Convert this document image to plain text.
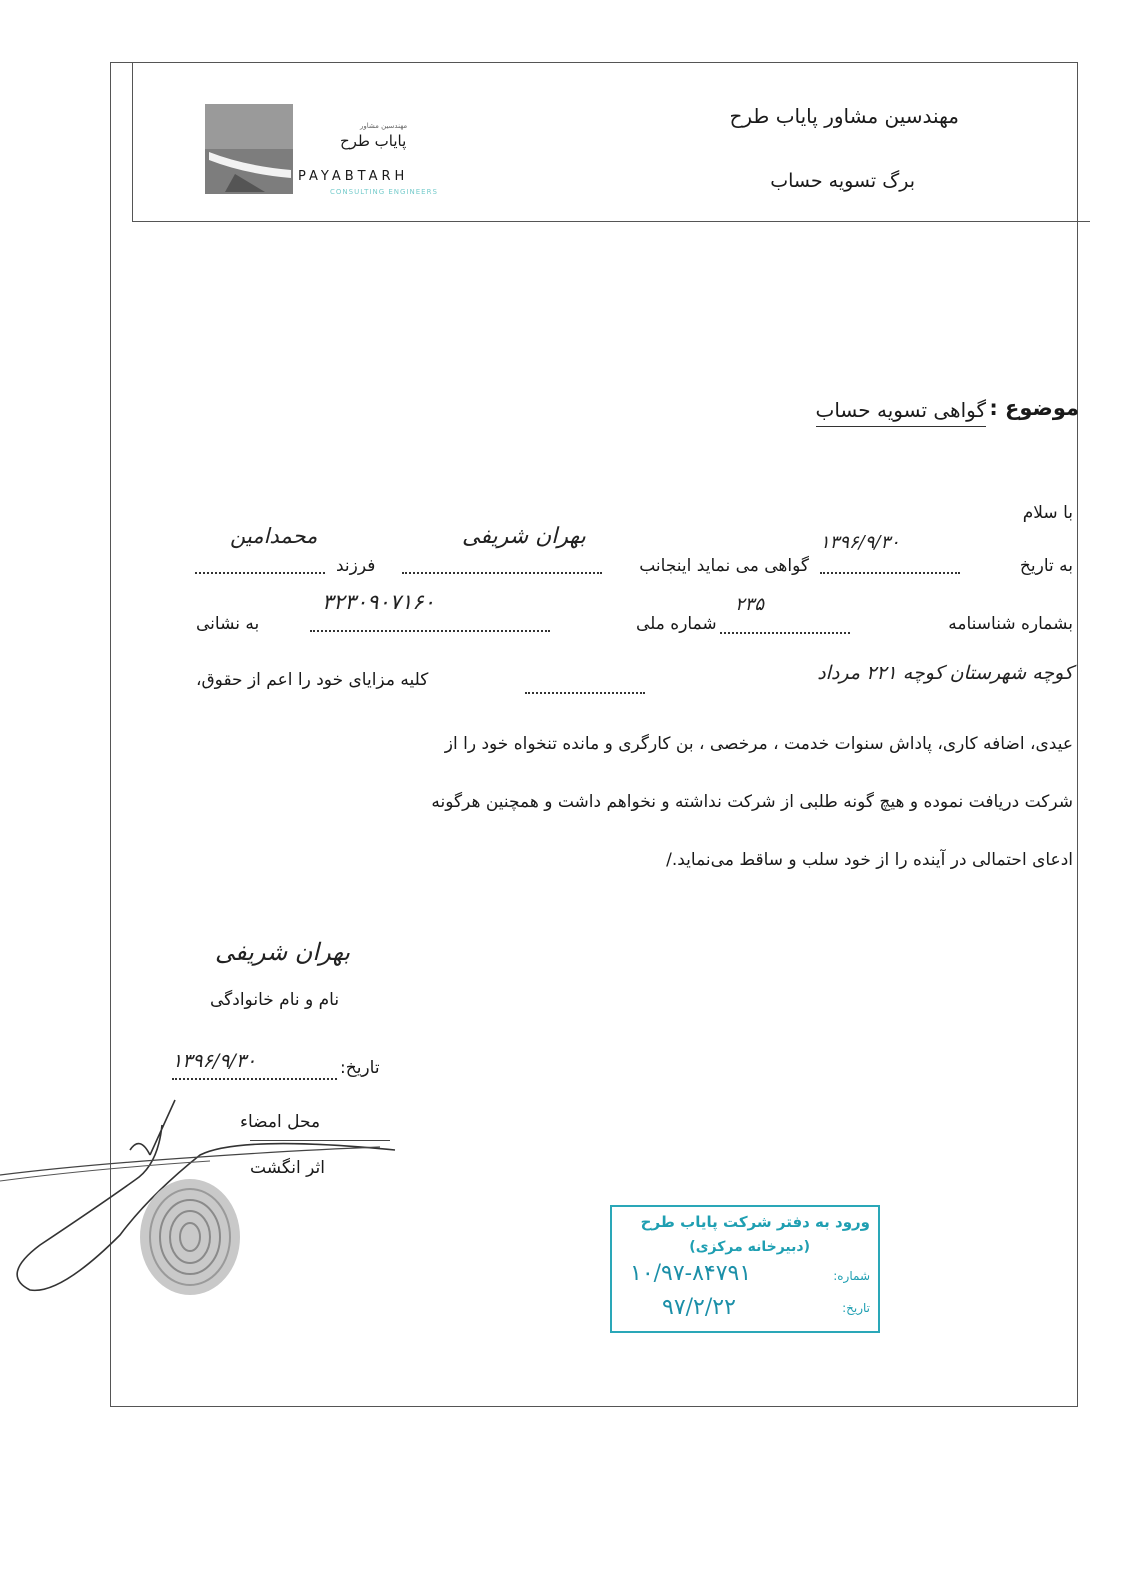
مهندسین مشاور پایاب طرح
برگ تسویه حساب
مهندسین مشاور
پایاب طرح
PAYABTARH
CONSULTING ENGINEERS
موضوع :
گواهی تسویه حساب
با سلام
به تاریخ
۱۳۹۶/۹/۳۰
گواهی می نماید اینجانب
بهران شریفی
فرزند
محمدامین
بشماره شناسنامه
۲۳۵
شماره ملی
۳۲۳۰۹۰۷۱۶۰
به نشانی
کوچه شهرستان کوچه ۲۲۱ مرداد
کلیه مزایای خود را اعم از حقوق،
عیدی، اضافه کاری، پاداش سنوات خدمت ، مرخصی ، بن کارگری و مانده تنخواه خود را از
شرکت دریافت نموده و هیچ گونه طلبی از شرکت نداشته و نخواهم داشت و همچنین هرگونه
ادعای احتمالی در آینده را از خود سلب و ساقط می‌نماید./
بهران شریفی
نام و نام خانوادگی
تاریخ:
۱۳۹۶/۹/۳۰
محل امضاء
اثر انگشت
ورود به دفتر شرکت پایاب طرح
(دبیرخانه مرکزی)
شماره:
۱۰/۹۷-۸۴۷۹۱
تاریخ:
۹۷/۲/۲۲
